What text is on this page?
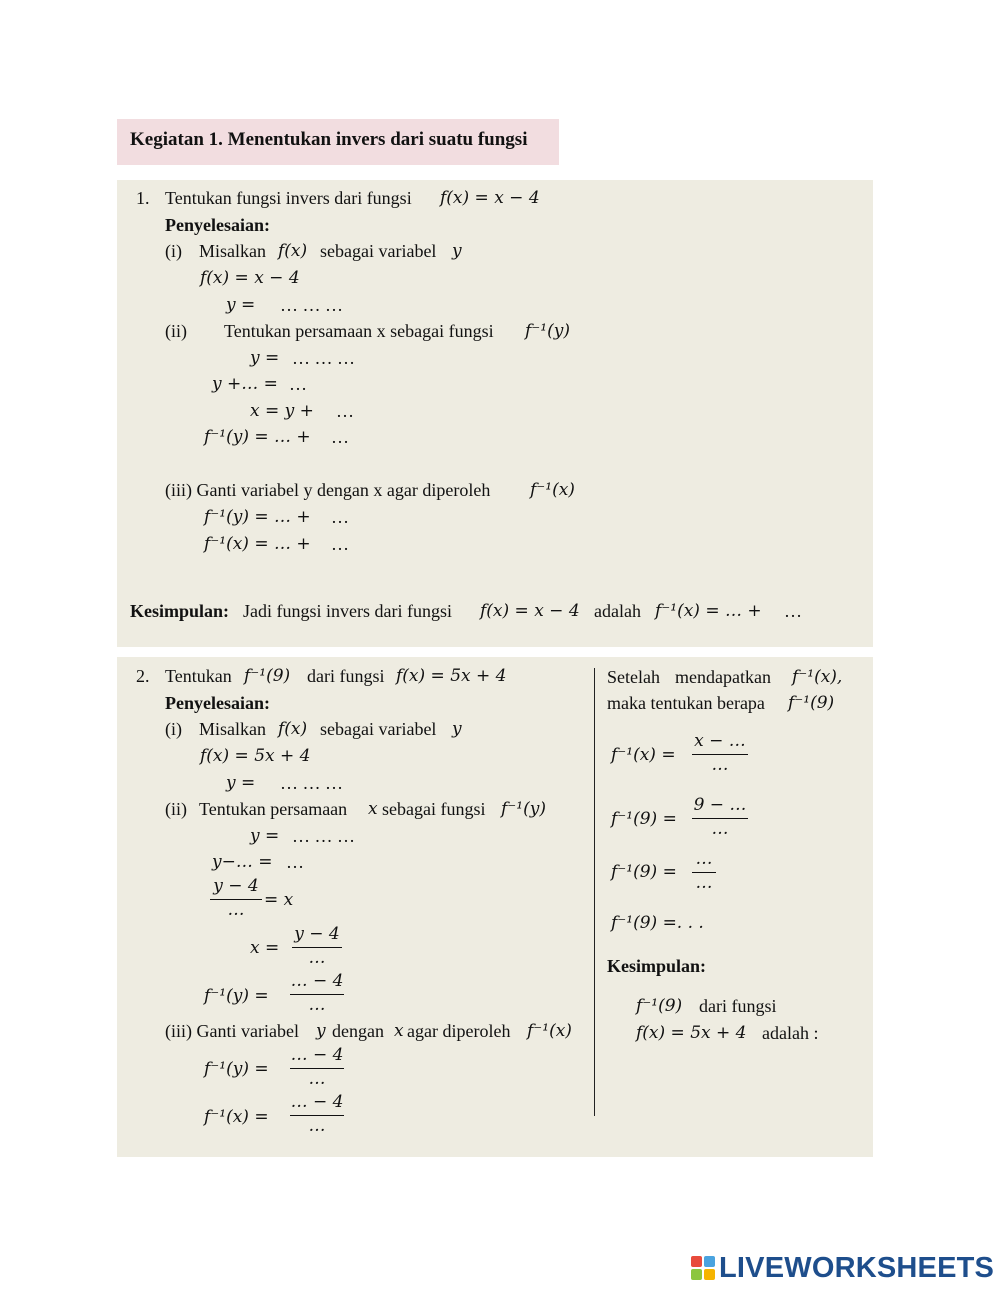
Kegiatan 1. Menentukan invers dari suatu fungsi
1. Tentukan fungsi invers dari fungsi f(x) = x − 4
Penyelesaian:
(i) Misalkan f(x) sebagai variabel y
f(x) = x − 4
y = … … …
(ii) Tentukan persamaan x sebagai fungsi f⁻¹(y)
y = … … …
y +… = …
x = y + …
f⁻¹(y) = … + …
(iii) Ganti variabel y dengan x agar diperoleh f⁻¹(x)
f⁻¹(y) = … + …
f⁻¹(x) = … + …
Kesimpulan: Jadi fungsi invers dari fungsi f(x) = x − 4 adalah f⁻¹(x) = … + …
2. Tentukan f⁻¹(9) dari fungsi f(x) = 5x + 4
Penyelesaian:
(i) Misalkan f(x) sebagai variabel y
f(x) = 5x + 4
y = … … …
(ii) Tentukan persamaan x sebagai fungsi f⁻¹(y)
y = … … …
y−… = …
y − 4
…	= x
x =
y − 4
…
f⁻¹(y) =
… − 4
…
(iii) Ganti variabel y dengan x agar diperoleh f⁻¹(x)
f⁻¹(y) =
… − 4
…
f⁻¹(x) =
… − 4
…
Setelah mendapatkan f⁻¹(x),
maka tentukan berapa f⁻¹(9)
f⁻¹(x) =
x − …
…
f⁻¹(9) =
9 − …
…
f⁻¹(9) =
…
…
f⁻¹(9) =. . .
Kesimpulan:
f⁻¹(9) dari fungsi
f(x) = 5x + 4 adalah :
LIVEWORKSHEETS
